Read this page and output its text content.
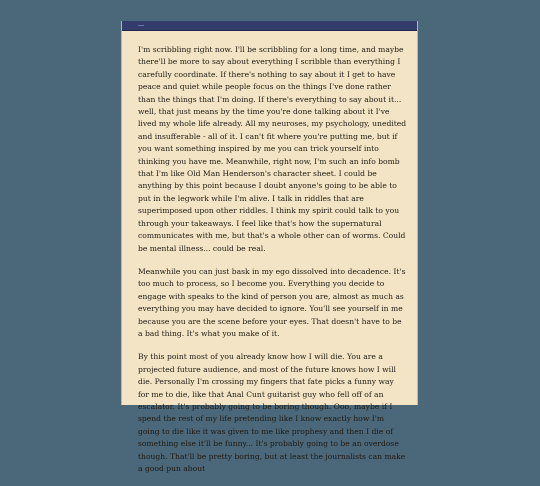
I'm scribbling right now. I'll be scribbling for a long time, and maybe there'll be more to say about everything I scribble than everything I carefully coordinate. If there's nothing to say about it I get to have peace and quiet while people focus on the things I've done rather than the things that I'm doing. If there's everything to say about it... well, that just means by the time you're done talking about it I've lived my whole life already. All my neuroses, my psychology, unedited and insufferable - all of it. I can't fit where you're putting me, but if you want something inspired by me you can trick yourself into thinking you have me. Meanwhile, right now, I'm such an info bomb that I'm like Old Man Henderson's character sheet. I could be anything by this point because I doubt anyone's going to be able to put in the legwork while I'm alive. I talk in riddles that are superimposed upon other riddles. I think my spirit could talk to you through your takeaways. I feel like that's how the supernatural communicates with me, but that's a whole other can of worms. Could be mental illness... could be real.

Meanwhile you can just bask in my ego dissolved into decadence. It's too much to process, so I become you. Everything you decide to engage with speaks to the kind of person you are, almost as much as everything you may have decided to ignore. You'll see yourself in me because you are the scene before your eyes. That doesn't have to be a bad thing. It's what you make of it.

By this point most of you already know how I will die. You are a projected future audience, and most of the future knows how I will die. Personally I'm crossing my fingers that fate picks a funny way for me to die, like that Anal Cunt guitarist guy who fell off of an escalator. It's probably going to be boring though. Ooo, maybe if I spend the rest of my life pretending like I know exactly how I'm going to die like it was given to me like prophesy and then I die of something else it'll be funny... It's probably going to be an overdose though. That'll be pretty boring, but at least the journalists can make a good pun about
